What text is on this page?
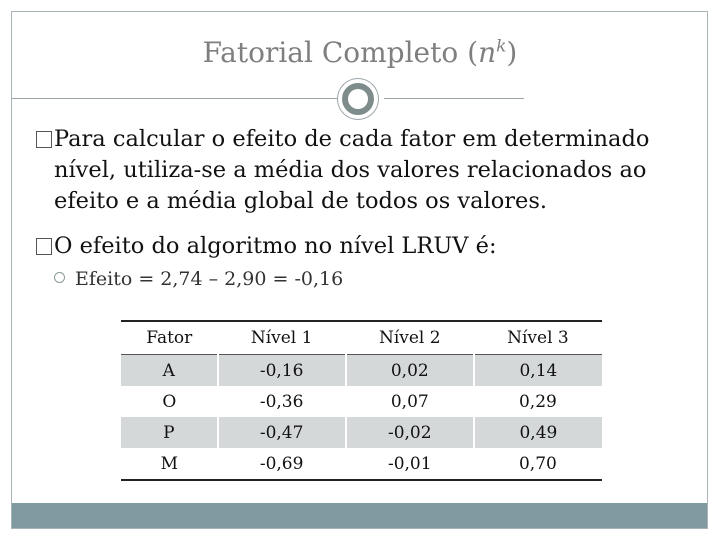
Fatorial Completo $(n^k)$
Para calcular o efeito de cada fator em determinado
nível, utiliza-se a média dos valores relacionados ao
efeito e a média global de todos os valores.
O efeito do algoritmo no nível LRUV é:
Efeito = 2,74 – 2,90 = -0,16
Fator	Nível 1	Nível 2	Nível 3
A	-0,16	0,02	0,14
O	-0,36	0,07	0,29
P	-0,47	-0,02	0,49
M	-0,69	-0,01	0,70
